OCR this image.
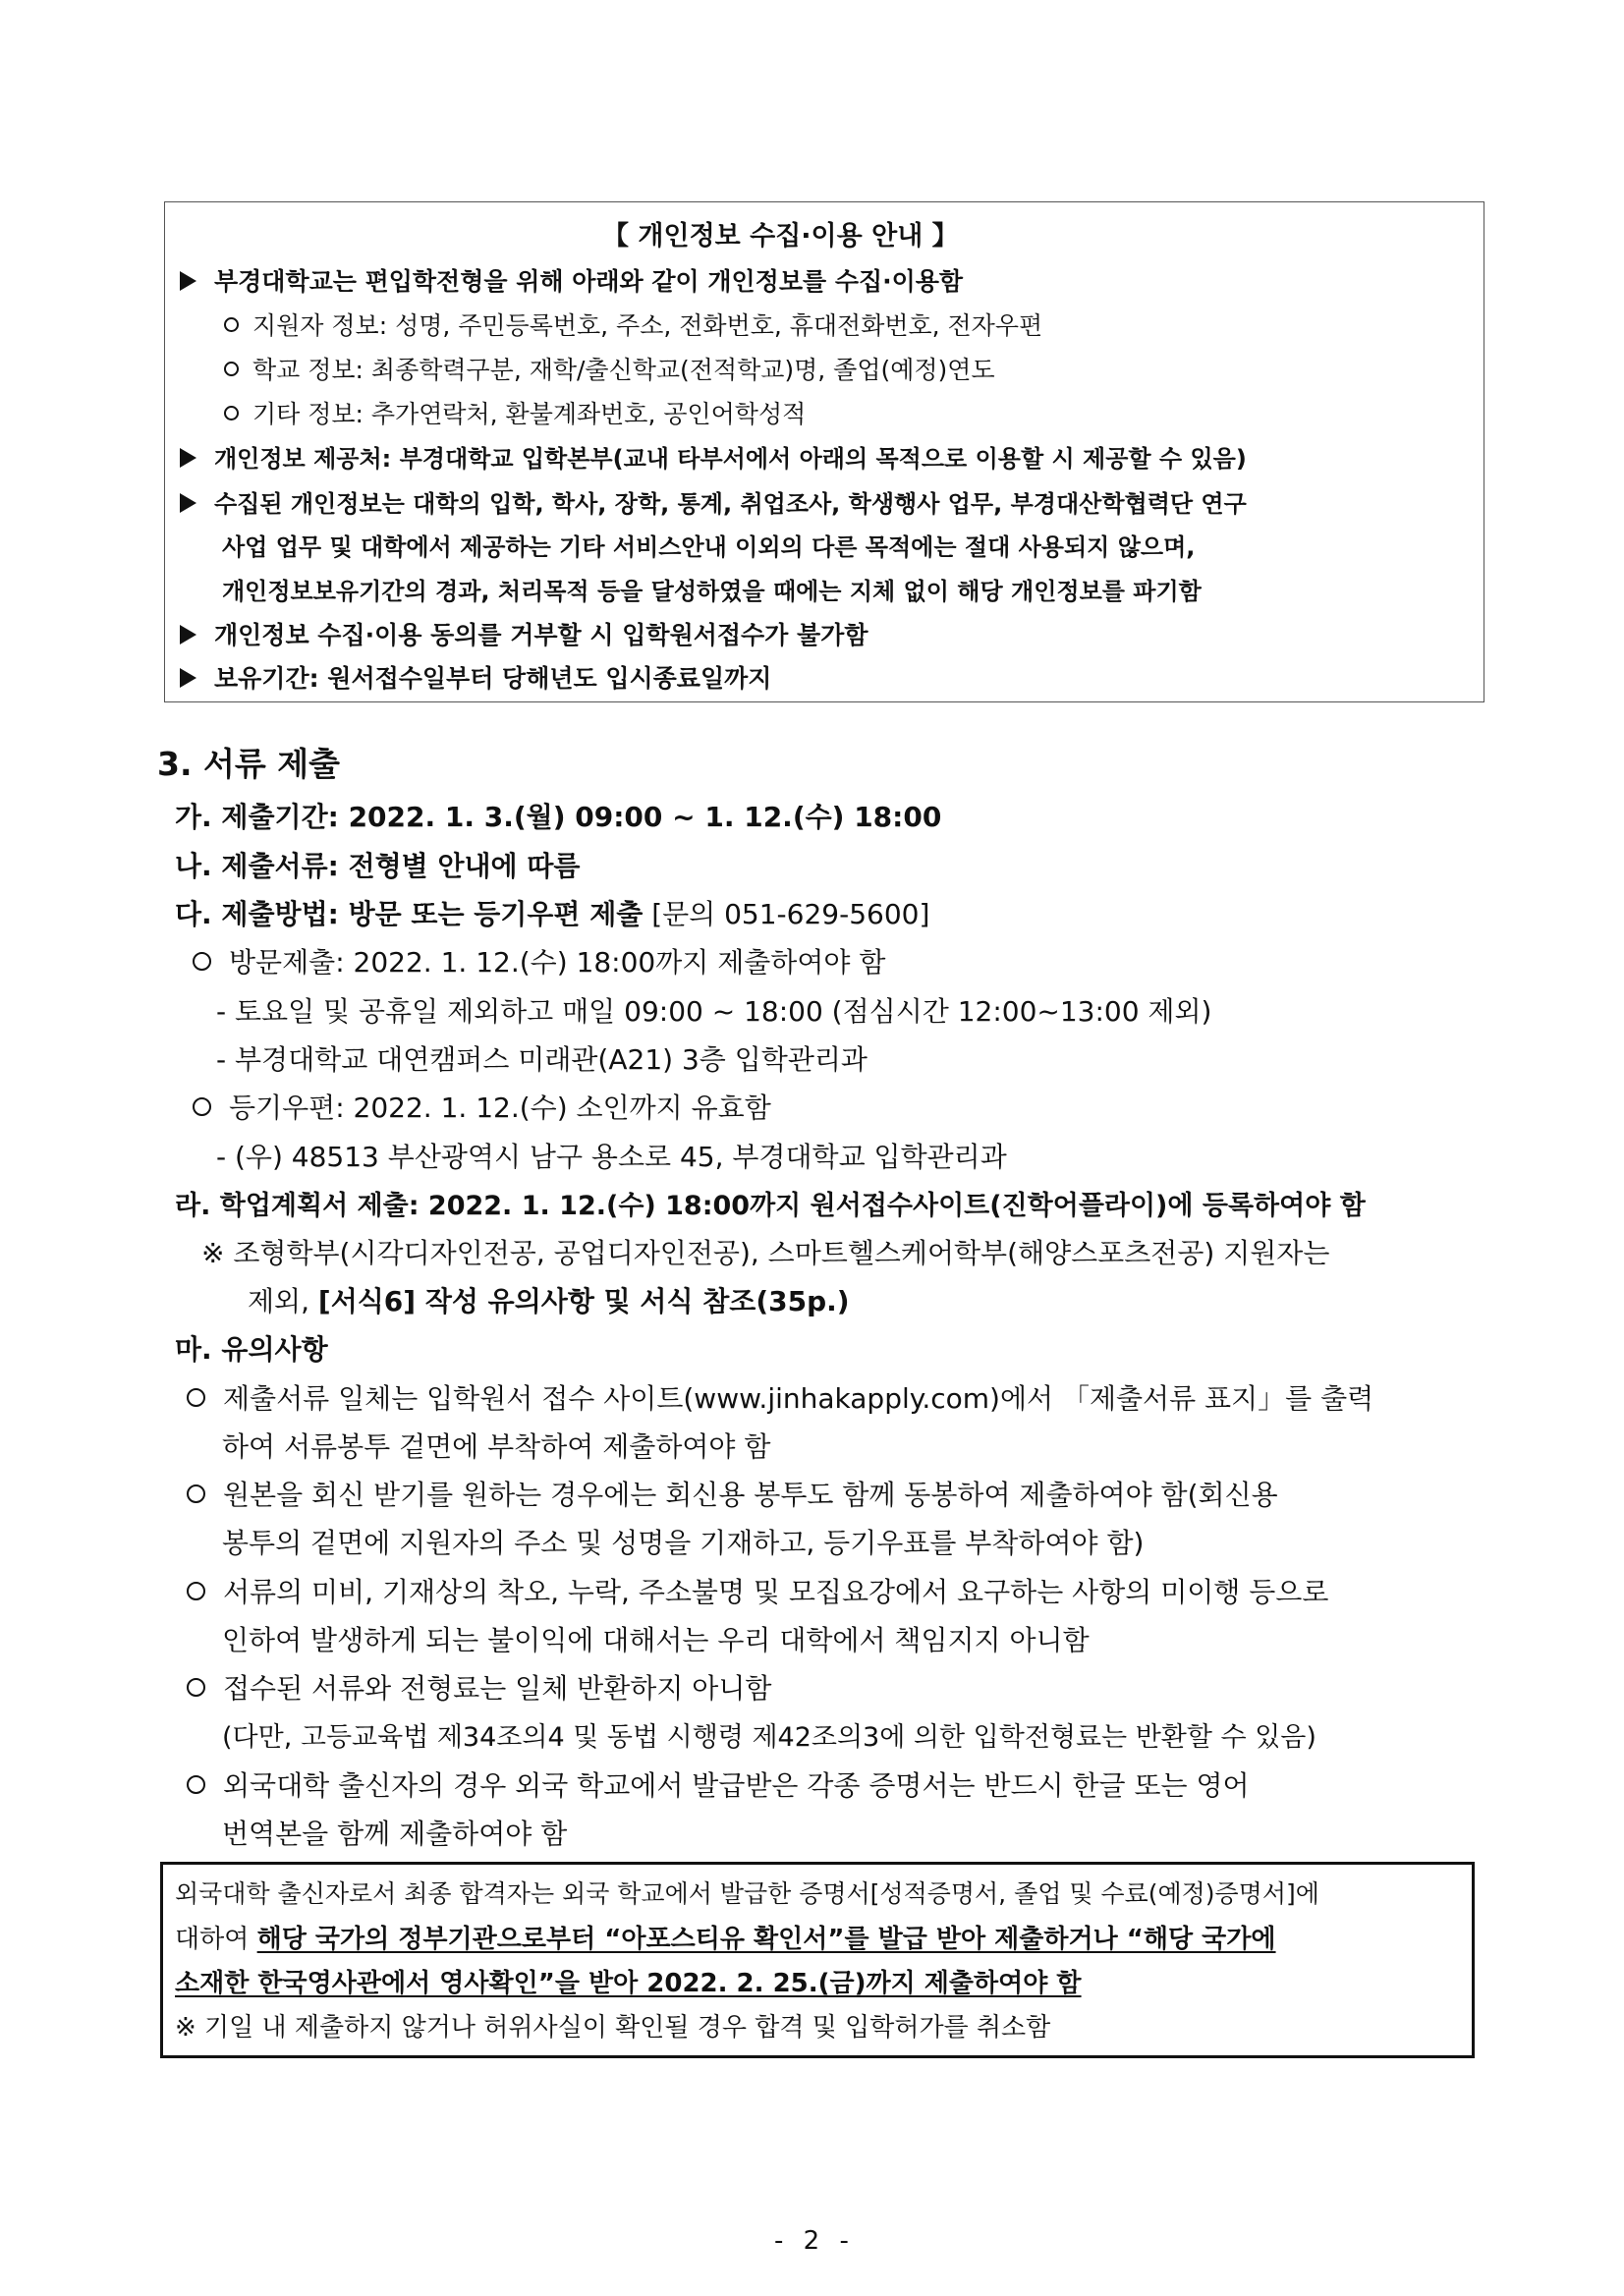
【 개인정보 수집·이용 안내 】
부경대학교는 편입학전형을 위해 아래와 같이 개인정보를 수집·이용함
지원자 정보: 성명, 주민등록번호, 주소, 전화번호, 휴대전화번호, 전자우편
학교 정보: 최종학력구분, 재학/출신학교(전적학교)명, 졸업(예정)연도
기타 정보: 추가연락처, 환불계좌번호, 공인어학성적
개인정보 제공처: 부경대학교 입학본부(교내 타부서에서 아래의 목적으로 이용할 시 제공할 수 있음)
수집된 개인정보는 대학의 입학, 학사, 장학, 통계, 취업조사, 학생행사 업무, 부경대산학협력단 연구
사업 업무 및 대학에서 제공하는 기타 서비스안내 이외의 다른 목적에는 절대 사용되지 않으며,
개인정보보유기간의 경과, 처리목적 등을 달성하였을 때에는 지체 없이 해당 개인정보를 파기함
개인정보 수집·이용 동의를 거부할 시 입학원서접수가 불가함
보유기간: 원서접수일부터 당해년도 입시종료일까지
3. 서류 제출
가. 제출기간: 2022. 1. 3.(월) 09:00 ~ 1. 12.(수) 18:00
나. 제출서류: 전형별 안내에 따름
다. 제출방법: 방문 또는 등기우편 제출 [문의 051-629-5600]
방문제출: 2022. 1. 12.(수) 18:00까지 제출하여야 함
- 토요일 및 공휴일 제외하고 매일 09:00 ~ 18:00 (점심시간 12:00~13:00 제외)
- 부경대학교 대연캠퍼스 미래관(A21) 3층 입학관리과
등기우편: 2022. 1. 12.(수) 소인까지 유효함
- (우) 48513 부산광역시 남구 용소로 45, 부경대학교 입학관리과
라. 학업계획서 제출: 2022. 1. 12.(수) 18:00까지 원서접수사이트(진학어플라이)에 등록하여야 함
※ 조형학부(시각디자인전공, 공업디자인전공), 스마트헬스케어학부(해양스포츠전공) 지원자는
제외, [서식6] 작성 유의사항 및 서식 참조(35p.)
마. 유의사항
제출서류 일체는 입학원서 접수 사이트(www.jinhakapply.com)에서 「제출서류 표지」를 출력
하여 서류봉투 겉면에 부착하여 제출하여야 함
원본을 회신 받기를 원하는 경우에는 회신용 봉투도 함께 동봉하여 제출하여야 함(회신용
봉투의 겉면에 지원자의 주소 및 성명을 기재하고, 등기우표를 부착하여야 함)
서류의 미비, 기재상의 착오, 누락, 주소불명 및 모집요강에서 요구하는 사항의 미이행 등으로
인하여 발생하게 되는 불이익에 대해서는 우리 대학에서 책임지지 아니함
접수된 서류와 전형료는 일체 반환하지 아니함
(다만, 고등교육법 제34조의4 및 동법 시행령 제42조의3에 의한 입학전형료는 반환할 수 있음)
외국대학 출신자의 경우 외국 학교에서 발급받은 각종 증명서는 반드시 한글 또는 영어
번역본을 함께 제출하여야 함
외국대학 출신자로서 최종 합격자는 외국 학교에서 발급한 증명서[성적증명서, 졸업 및 수료(예정)증명서]에
대하여 해당 국가의 정부기관으로부터 “아포스티유 확인서”를 발급 받아 제출하거나 “해당 국가에
소재한 한국영사관에서 영사확인”을 받아 2022. 2. 25.(금)까지 제출하여야 함
※ 기일 내 제출하지 않거나 허위사실이 확인될 경우 합격 및 입학허가를 취소함
- 2 -
